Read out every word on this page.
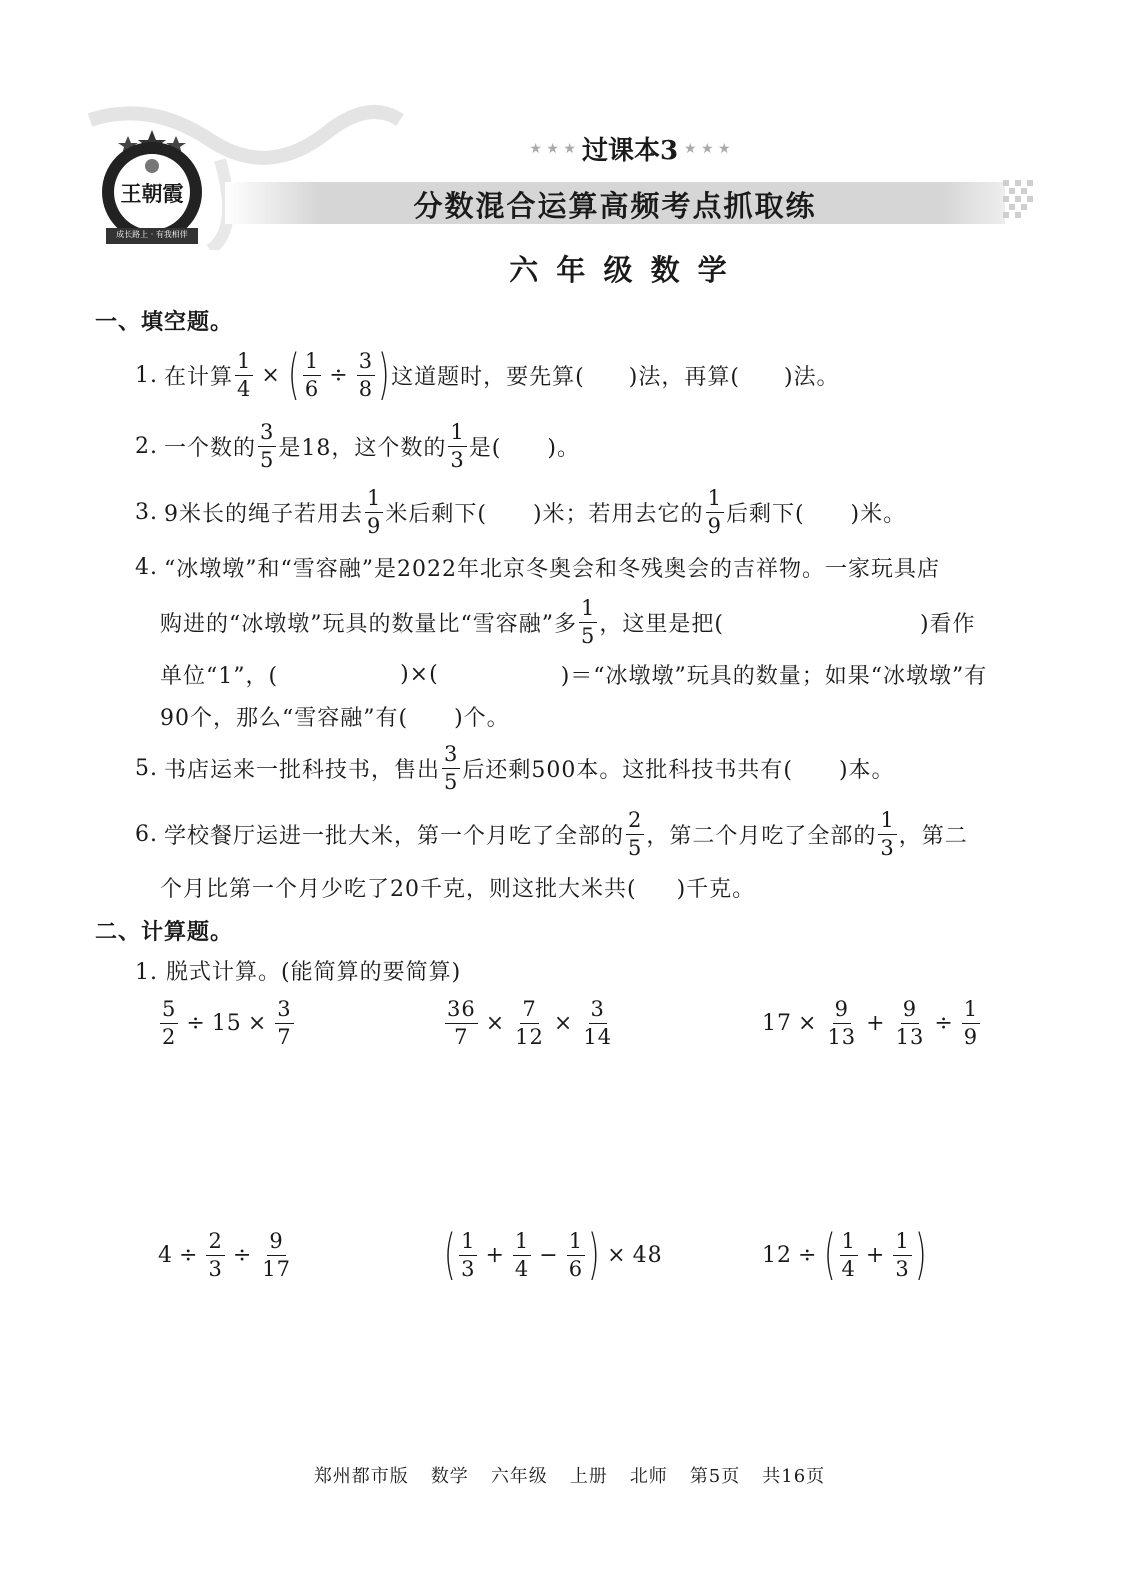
王朝霞
成长路上 · 有我相伴
★ ★ ★ 过课本3 ★ ★ ★
分数混合运算高频考点抓取练
六 年 级 数 学
一、填空题。
1. 在计算 $\frac{1}{4}$ × ( $\frac{1}{6} \div \frac{3}{8}$ ) 这道题时，要先算( )法，再算( )法。
2. 一个数的 $\frac{3}{5}$ 是18，这个数的 $\frac{1}{3}$ 是( )。
3. 9米长的绳子若用去 $\frac{1}{9}$ 米后剩下( )米；若用去它的 $\frac{1}{9}$ 后剩下( )米。
4. “冰墩墩”和“雪容融”是2022年北京冬奥会和冬残奥会的吉祥物。一家玩具店
购进的“冰墩墩”玩具的数量比“雪容融”多 $\frac{1}{5}$ ，这里是把(	)看作
单位“1”，(	)×(	)＝“冰墩墩”玩具的数量；如果“冰墩墩”有
90个，那么“雪容融”有( )个。
5. 书店运来一批科技书，售出 $\frac{3}{5}$ 后还剩500本。这批科技书共有( )本。
6. 学校餐厅运进一批大米，第一个月吃了全部的 $\frac{2}{5}$ ，第二个月吃了全部的 $\frac{1}{3}$ ，第二
个月比第一个月少吃了20千克，则这批大米共( )千克。
二、计算题。
1. 脱式计算。(能简算的要简算)
$\frac{5}{2} \div 15 \times \frac{3}{7}$	$\frac{36}{7} \times \frac{7}{12} \times \frac{3}{14}$	$17 \times \frac{9}{13} + \frac{9}{13} \div \frac{1}{9}$
$4 \div \frac{2}{3} \div \frac{9}{17}$	( $\frac{1}{3} + \frac{1}{4} - \frac{1}{6}$ ) × 48	12 ÷ ( $\frac{1}{4} + \frac{1}{3}$ )
郑州都市版 数学 六年级 上册 北师 第5页 共16页
